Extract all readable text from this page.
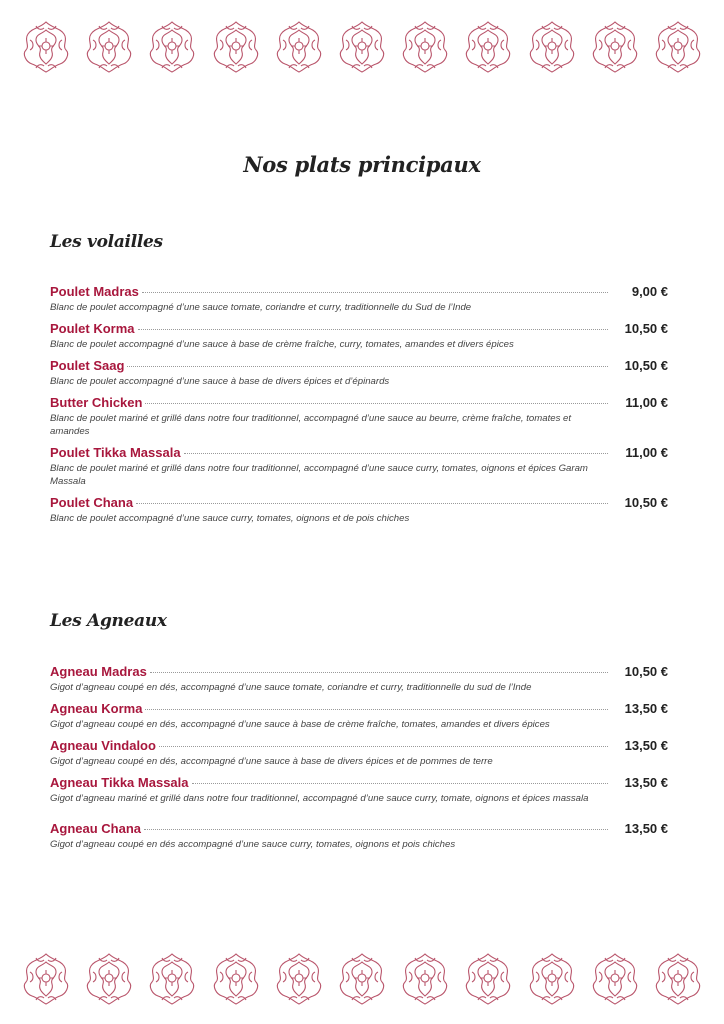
Nos plats principaux
Les volailles
Poulet Madras	9,00 €
Blanc de poulet accompagné d’une sauce tomate, coriandre et curry, traditionnelle du Sud de l’Inde
Poulet Korma	10,50 €
Blanc de poulet accompagné d’une sauce à base de crème fraîche, curry, tomates, amandes et divers épices
Poulet Saag	10,50 €
Blanc de poulet accompagné d’une sauce à base de divers épices et d’épinards
Butter Chicken	11,00 €
Blanc de poulet mariné et grillé dans notre four traditionnel, accompagné d’une sauce au beurre, crème fraîche, tomates et amandes
Poulet Tikka Massala	11,00 €
Blanc de poulet mariné et grillé dans notre four traditionnel, accompagné d’une sauce curry, tomates, oignons et épices Garam Massala
Poulet Chana	10,50 €
Blanc de poulet accompagné d’une sauce curry, tomates, oignons et de pois chiches
Les Agneaux
Agneau Madras	10,50 €
Gigot d’agneau coupé en dés, accompagné d’une sauce tomate, coriandre et curry, traditionnelle du sud de l’Inde
Agneau Korma	13,50 €
Gigot d’agneau coupé en dés, accompagné d’une sauce à base de crème fraîche, tomates, amandes et divers épices
Agneau Vindaloo	13,50 €
Gigot d’agneau coupé en dés, accompagné d’une sauce à base de divers épices et de pommes de terre
Agneau Tikka Massala	13,50 €
Gigot d’agneau mariné et grillé dans notre four traditionnel, accompagné d’une sauce curry, tomate, oignons et épices massala
Agneau Chana	13,50 €
Gigot d’agneau coupé en dés accompagné d’une sauce curry, tomates, oignons et pois chiches
